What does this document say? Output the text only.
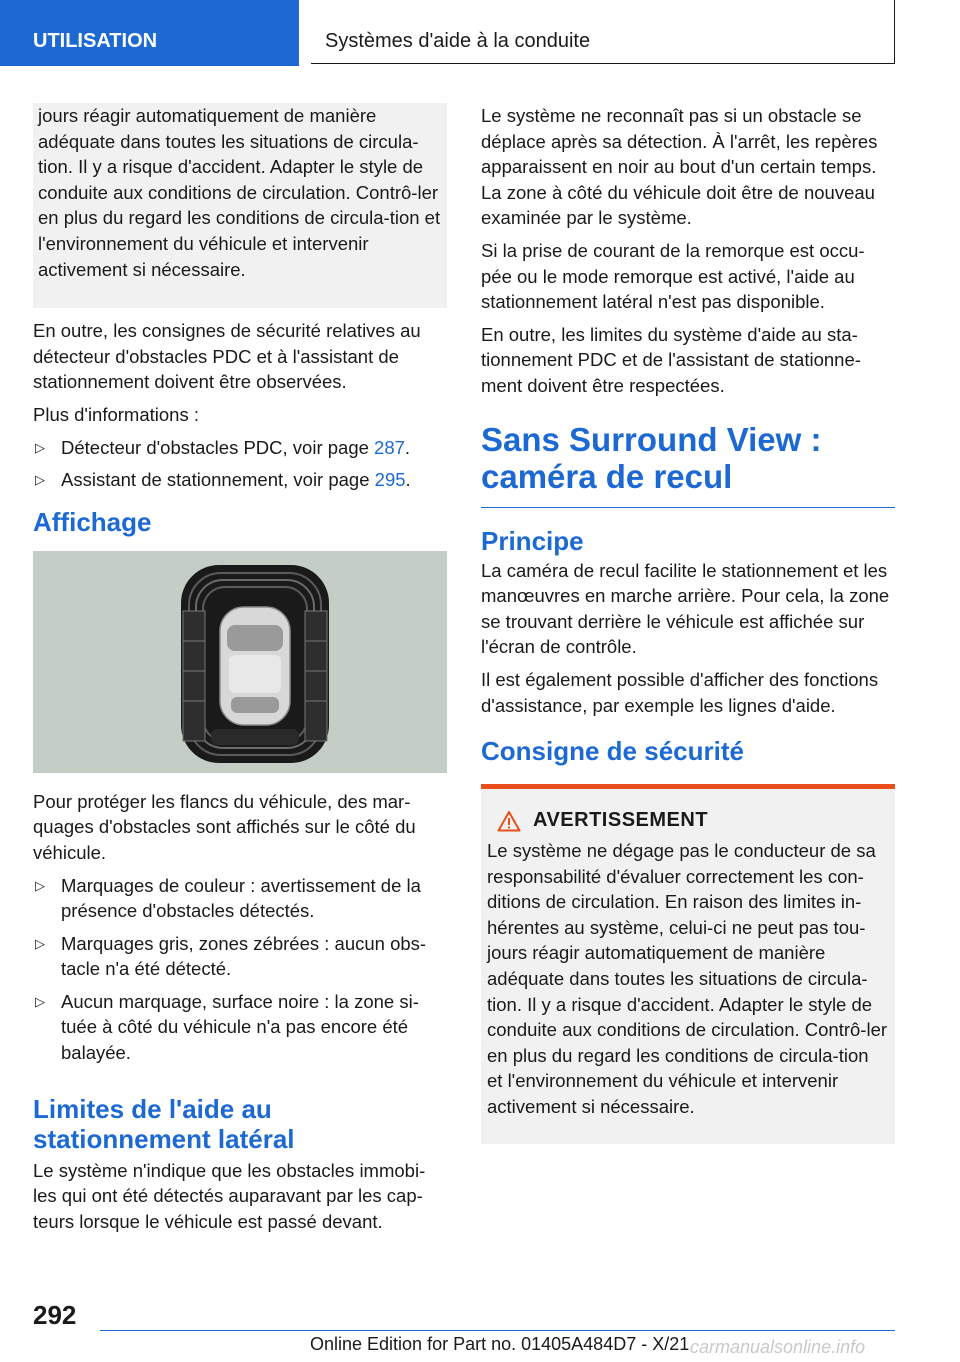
UTILISATION	Systèmes d'aide à la conduite

jours réagir automatiquement de manière adéquate dans toutes les situations de circula-tion. Il y a risque d'accident. Adapter le style de conduite aux conditions de circulation. Contrô-ler en plus du regard les conditions de circula-tion et l'environnement du véhicule et intervenir activement si nécessaire.

En outre, les consignes de sécurité relatives au détecteur d'obstacles PDC et à l'assistant de stationnement doivent être observées.

Plus d'informations :

▷ Détecteur d'obstacles PDC, voir page 287.
▷ Assistant de stationnement, voir page 295.
Affichage

Pour protéger les flancs du véhicule, des mar-quages d'obstacles sont affichés sur le côté du véhicule.

▷ Marquages de couleur : avertissement de la présence d'obstacles détectés.
▷ Marquages gris, zones zébrées : aucun obs-tacle n'a été détecté.
▷ Aucun marquage, surface noire : la zone si-tuée à côté du véhicule n'a pas encore été balayée.
Limites de l'aide au stationnement latéral

Le système n'indique que les obstacles immobi-les qui ont été détectés auparavant par les cap-teurs lorsque le véhicule est passé devant.

Le système ne reconnaît pas si un obstacle se déplace après sa détection. À l'arrêt, les repères apparaissent en noir au bout d'un certain temps. La zone à côté du véhicule doit être de nouveau examinée par le système.

Si la prise de courant de la remorque est occu-pée ou le mode remorque est activé, l'aide au stationnement latéral n'est pas disponible.

En outre, les limites du système d'aide au sta-tionnement PDC et de l'assistant de stationne-ment doivent être respectées.

Sans Surround View : caméra de recul
Principe

La caméra de recul facilite le stationnement et les manœuvres en marche arrière. Pour cela, la zone se trouvant derrière le véhicule est affichée sur l'écran de contrôle.

Il est également possible d'afficher des fonctions d'assistance, par exemple les lignes d'aide.

Consigne de sécurité
AVERTISSEMENT

Le système ne dégage pas le conducteur de sa responsabilité d'évaluer correctement les con-ditions de circulation. En raison des limites in-hérentes au système, celui-ci ne peut pas tou-jours réagir automatiquement de manière adéquate dans toutes les situations de circula-tion. Il y a risque d'accident. Adapter le style de conduite aux conditions de circulation. Contrô-ler en plus du regard les conditions de circula-tion et l'environnement du véhicule et intervenir activement si nécessaire.

292
Online Edition for Part no. 01405A484D7 - X/21 carmanualsonline.info
